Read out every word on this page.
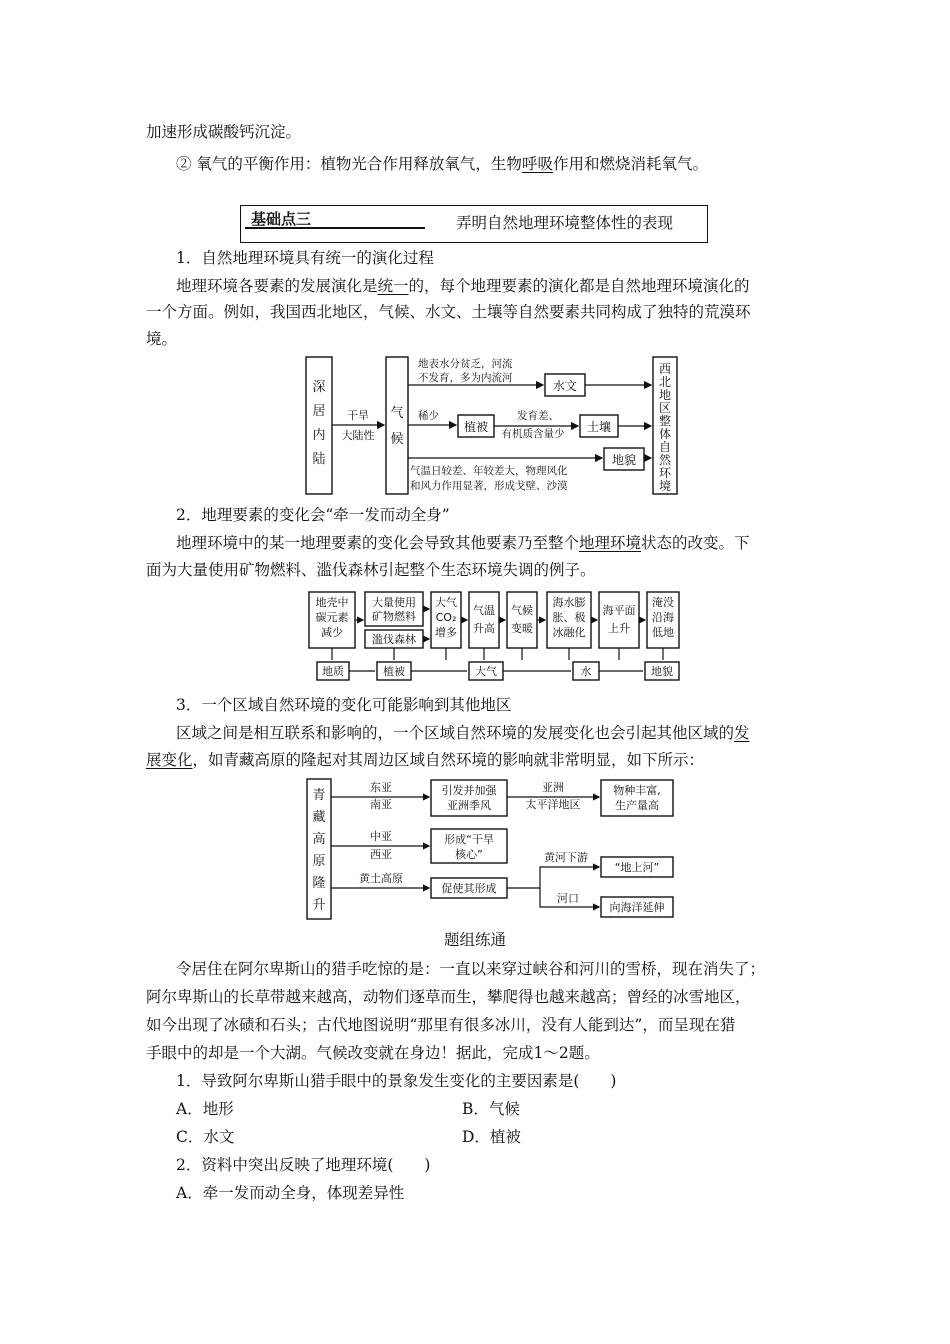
加速形成碳酸钙沉淀。
② 氧气的平衡作用：植物光合作用释放氧气，生物呼吸作用和燃烧消耗氧气。
基础点三	弄明自然地理环境整体性的表现
1．自然地理环境具有统一的演化过程
地理环境各要素的发展演化是统一的，每个地理要素的演化都是自然地理环境演化的
一个方面。例如，我国西北地区，气候、水文、土壤等自然要素共同构成了独特的荒漠环
境。
深
居
内
陆
干旱
大陆性
气
候
地表水分贫乏，河流
不发育，多为内流河
水文
稀少
植被
发育差、
有机质含量少 土壤
地貌
气温日较差、年较差大，物理风化
和风力作用显著，形成戈壁、沙漠
西
北
地
区
整
体
自
然
环
境
2．地理要素的变化会“牵一发而动全身”
地理环境中的某一地理要素的变化会导致其他要素乃至整个地理环境状态的改变。下
面为大量使用矿物燃料、滥伐森林引起整个生态环境失调的例子。
地壳中
碳元素
减少
大量使用
矿物燃料
滥伐森林
大气
CO₂
增多
气温
升高
气候
变暖
海水膨
胀、极
冰融化
海平面
上升
淹没
沿海
低地
地质	植被	大气	水	地貌
3．一个区域自然环境的变化可能影响到其他地区
区域之间是相互联系和影响的，一个区域自然环境的发展变化也会引起其他区域的发
展变化，如青藏高原的隆起对其周边区域自然环境的影响就非常明显，如下所示：
青
藏
高
原
隆
升
东亚
南亚
引发并加强
亚洲季风
亚洲
太平洋地区
物种丰富,
生产量高
中亚
西亚
形成“干旱
核心”
黄土高原
促使其形成
黄河下游
“地上河”
河口
向海洋延伸
题组练通
令居住在阿尔卑斯山的猎手吃惊的是：一直以来穿过峡谷和河川的雪桥，现在消失了；
阿尔卑斯山的长草带越来越高，动物们逐草而生，攀爬得也越来越高；曾经的冰雪地区，
如今出现了冰碛和石头；古代地图说明“那里有很多冰川，没有人能到达”，而呈现在猎
手眼中的却是一个大湖。气候改变就在身边！据此，完成1～2题。
1．导致阿尔卑斯山猎手眼中的景象发生变化的主要因素是(　　)
A．地形	B．气候
C．水文	D．植被
2．资料中突出反映了地理环境(　　)
A．牵一发而动全身，体现差异性
